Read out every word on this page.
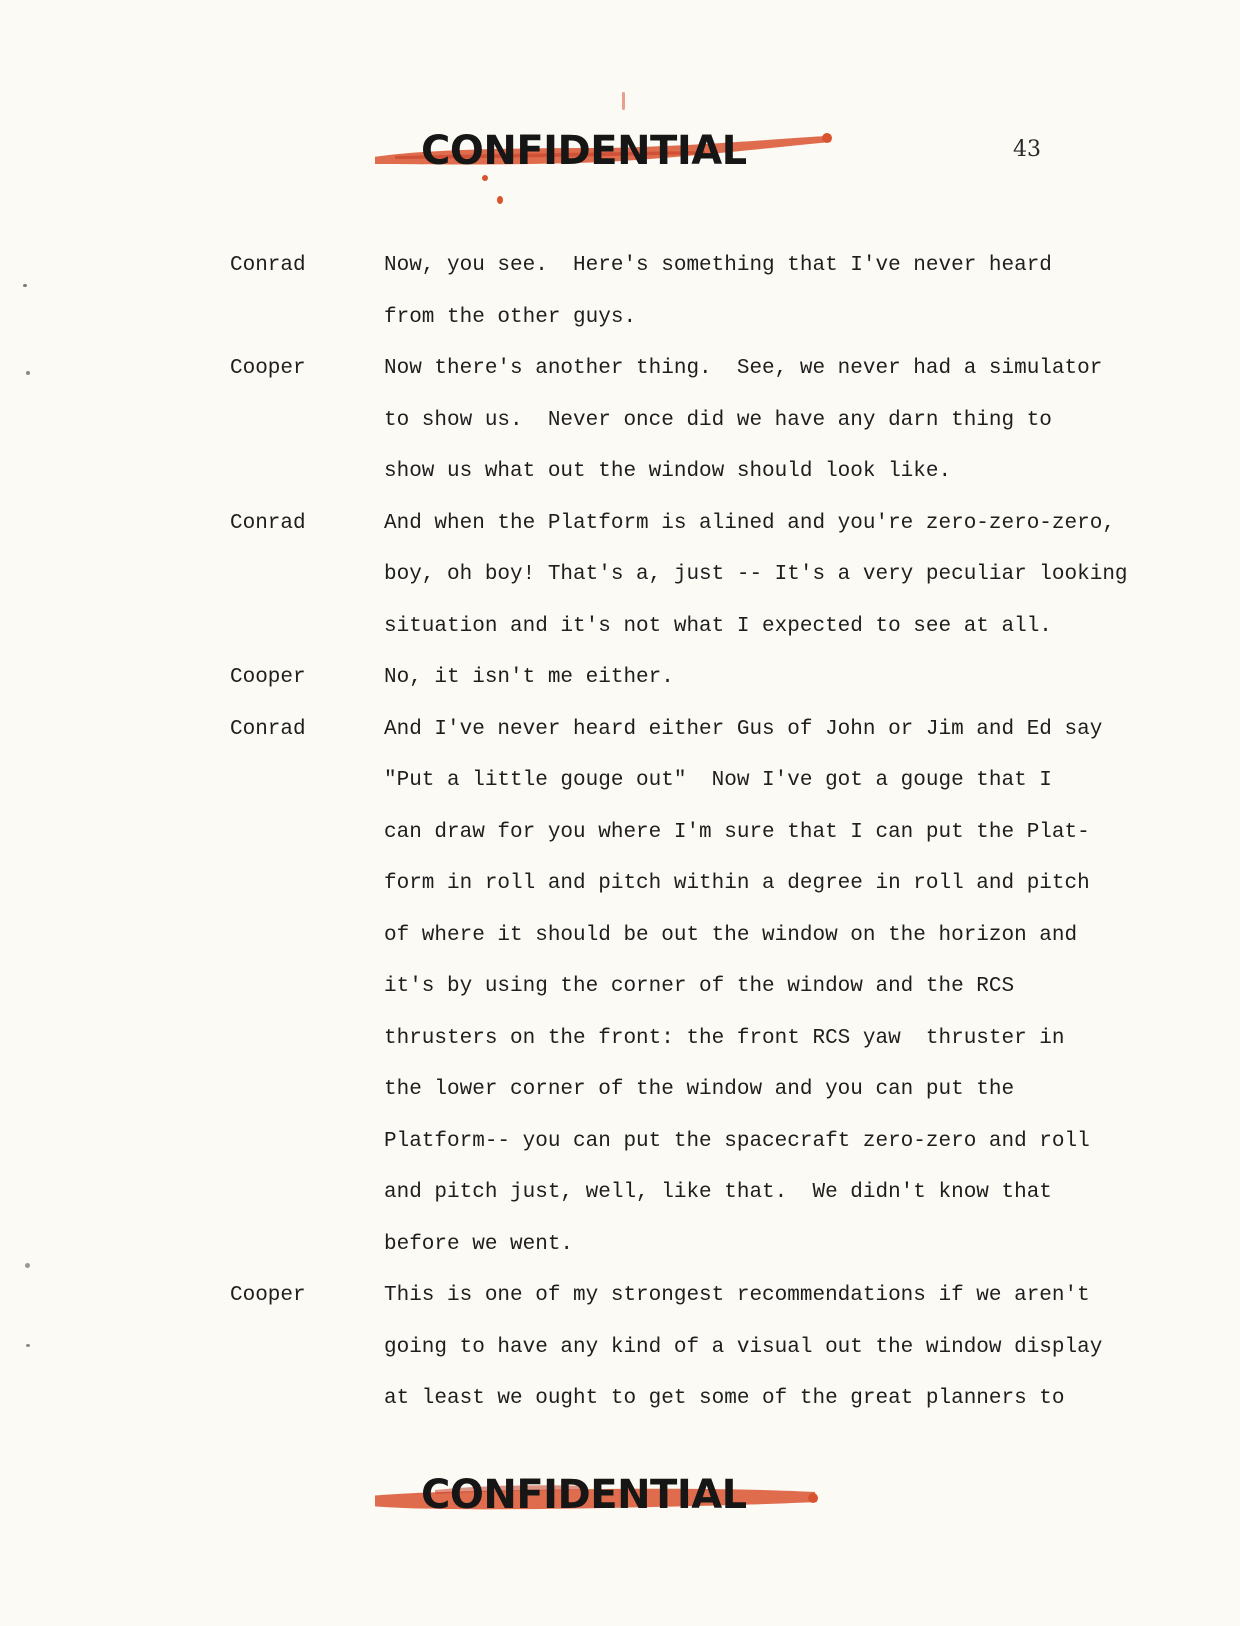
CONFIDENTIAL	43
Conrad	Now, you see.  Here's something that I've never heard
from the other guys.
Cooper	Now there's another thing.  See, we never had a simulator
to show us.  Never once did we have any darn thing to
show us what out the window should look like.
Conrad	And when the Platform is alined and you're zero-zero-zero,
boy, oh boy! That's a, just -- It's a very peculiar looking
situation and it's not what I expected to see at all.
Cooper	No, it isn't me either.
Conrad	And I've never heard either Gus of John or Jim and Ed say
"Put a little gouge out"  Now I've got a gouge that I
can draw for you where I'm sure that I can put the Plat-
form in roll and pitch within a degree in roll and pitch
of where it should be out the window on the horizon and
it's by using the corner of the window and the RCS
thrusters on the front: the front RCS yaw  thruster in
the lower corner of the window and you can put the
Platform-- you can put the spacecraft zero-zero and roll
and pitch just, well, like that.  We didn't know that
before we went.
Cooper	This is one of my strongest recommendations if we aren't
going to have any kind of a visual out the window display
at least we ought to get some of the great planners to
CONFIDENTIAL
